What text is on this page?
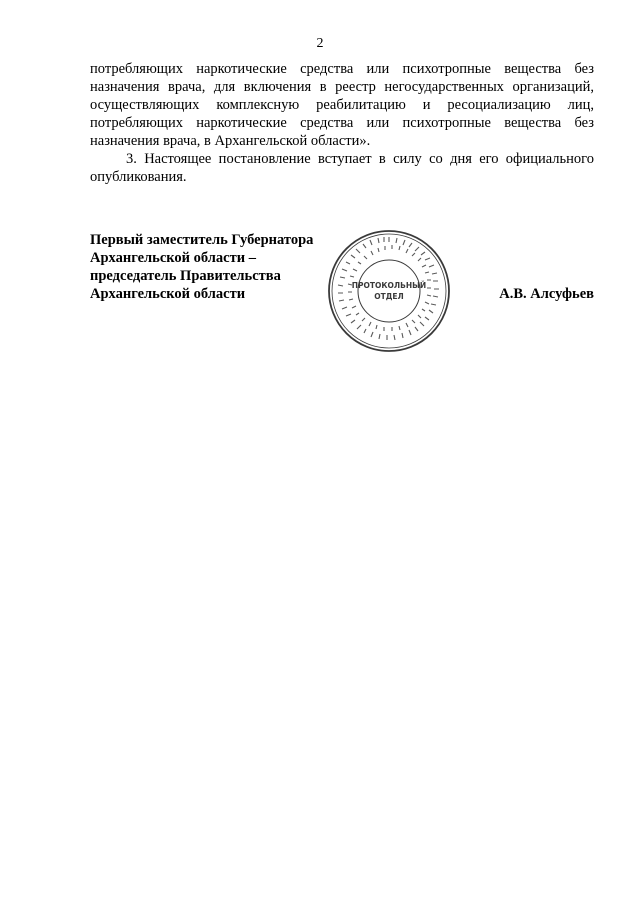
2
потребляющих наркотические средства или психотропные вещества без
назначения врача, для включения в реестр негосударственных организаций,
осуществляющих комплексную реабилитацию и ресоциализацию лиц,
потребляющих наркотические средства или психотропные вещества без
назначения врача, в Архангельской области».
3. Настоящее постановление вступает в силу со дня его официального
опубликования.
Первый заместитель Губернатора
Архангельской области –
председатель Правительства
Архангельской области	А.В. Алсуфьев
ПРОТОКОЛЬНЫЙ
ОТДЕЛ
